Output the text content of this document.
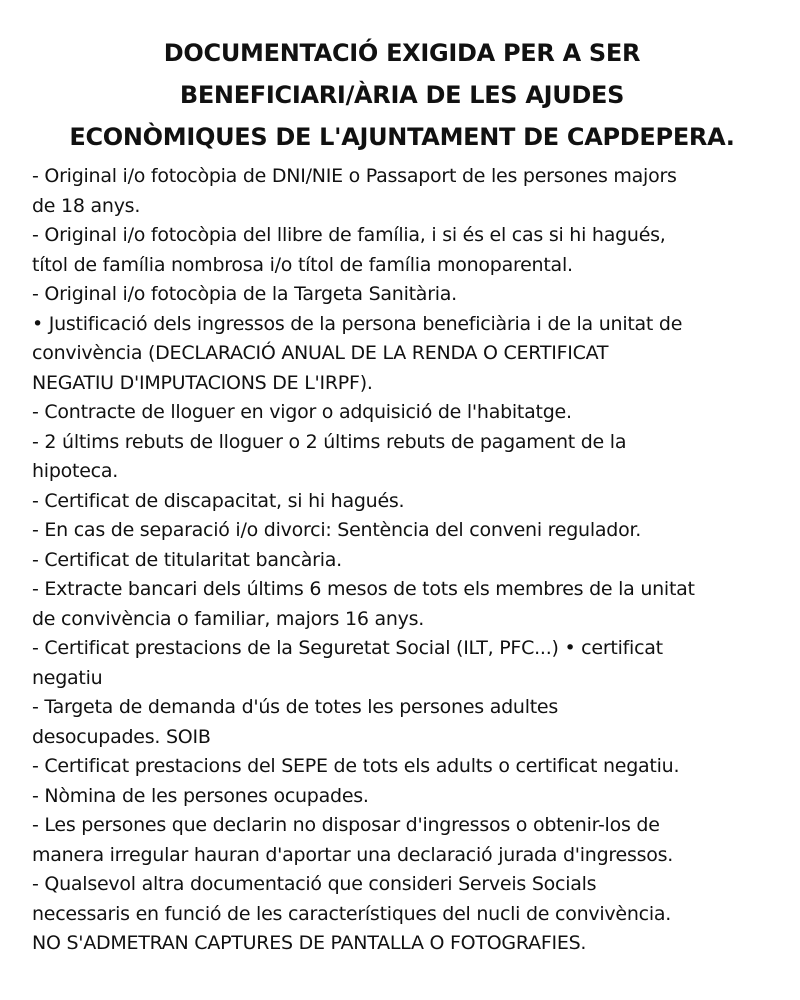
DOCUMENTACIÓ EXIGIDA PER A SER
BENEFICIARI/ÀRIA DE LES AJUDES
ECONÒMIQUES DE L'AJUNTAMENT DE CAPDEPERA.
- Original i/o fotocòpia de DNI/NIE o Passaport de les persones majors
de 18 anys.
- Original i/o fotocòpia del llibre de família, i si és el cas si hi hagués,
títol de família nombrosa i/o títol de família monoparental.
- Original i/o fotocòpia de la Targeta Sanitària.
• Justificació dels ingressos de la persona beneficiària i de la unitat de
convivència (DECLARACIÓ ANUAL DE LA RENDA O CERTIFICAT
NEGATIU D'IMPUTACIONS DE L'IRPF).
- Contracte de lloguer en vigor o adquisició de l'habitatge.
- 2 últims rebuts de lloguer o 2 últims rebuts de pagament de la
hipoteca.
- Certificat de discapacitat, si hi hagués.
- En cas de separació i/o divorci: Sentència del conveni regulador.
- Certificat de titularitat bancària.
- Extracte bancari dels últims 6 mesos de tots els membres de la unitat
de convivència o familiar, majors 16 anys.
- Certificat prestacions de la Seguretat Social (ILT, PFC...) • certificat
negatiu
- Targeta de demanda d'ús de totes les persones adultes
desocupades. SOIB
- Certificat prestacions del SEPE de tots els adults o certificat negatiu.
- Nòmina de les persones ocupades.
- Les persones que declarin no disposar d'ingressos o obtenir-los de
manera irregular hauran d'aportar una declaració jurada d'ingressos.
- Qualsevol altra documentació que consideri Serveis Socials
necessaris en funció de les característiques del nucli de convivència.
NO S'ADMETRAN CAPTURES DE PANTALLA O FOTOGRAFIES.
